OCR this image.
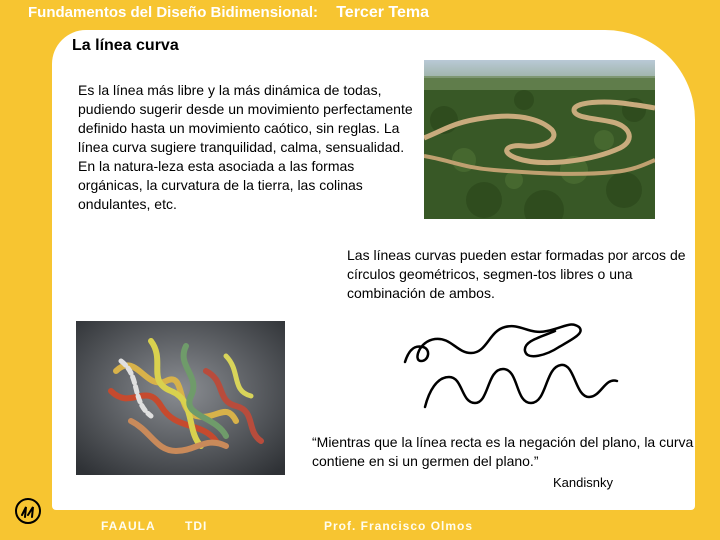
Fundamentos del Diseño Bidimensional: Tercer Tema
La línea curva
Es la línea más libre y la más dinámica de todas, pudiendo sugerir desde un movimiento perfectamente definido hasta un movimiento caótico, sin reglas. La línea curva sugiere tranquilidad, calma, sensualidad. En la natura-leza esta asociada a las formas orgánicas, la curvatura de la tierra, las colinas ondulantes, etc.
Las líneas curvas pueden estar formadas por arcos de círculos geométricos, segmen-tos libres o una combinación de ambos.
“Mientras que la línea recta es la negación del plano, la curva contiene en si un germen del plano.”
Kandisnky
FAAULA TDI	Prof. Francisco Olmos
